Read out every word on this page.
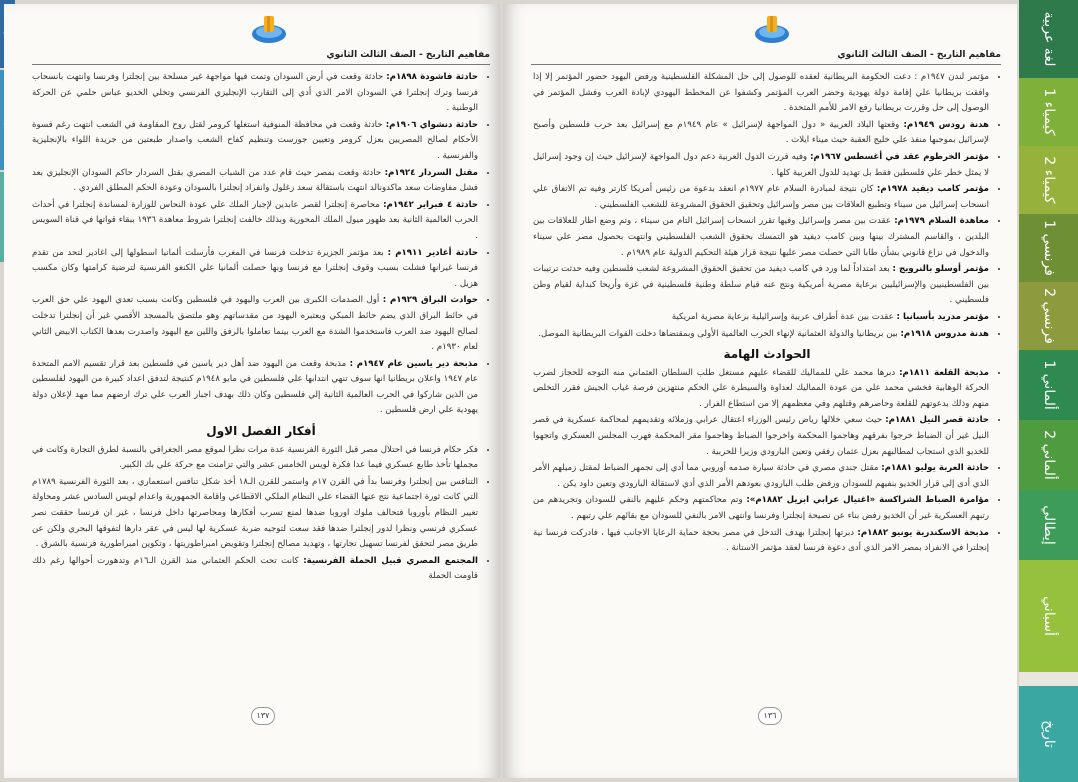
مفاهيم التاريخ - الصف الثالث الثانوي
• حادثة فاشودة ١٨٩٨م: حادثة وقعت في أرض السودان وتمت فيها مواجهة غير مسلحة بين إنجلترا وفرنسا وانتهت بانسحاب فرنسا وترك إنجلترا في السودان الامر الذي أدي إلى التقارب الإنجليزي الفرنسي وتخلي الخديو عباس حلمي عن الحركة الوطنية .
• حادثة دنشواي ١٩٠٦م: حادثة وقعت في محافظة المنوفية استغلها كرومر لقتل روح المقاومة في الشعب انتهت رغم قسوة الأحكام لصالح المصريين بعزل كرومر وتعيين جورست وتنظيم كفاح الشعب واصدار طبعتين من جريدة اللواء بالإنجليزية والفرنسية .
• مقتل السردار ١٩٢٤م: حادثة وقعت بمصر حيث قام عدد من الشباب المصري بقتل السردار حاكم السودان الإنجليزي بعد فشل مفاوضات سعد ماكدونالد انتهت باستقالة سعد زغلول وانفراد إنجلترا بالسودان وعودة الحكم المطلق الفردي .
• حادثة ٤ فبراير ١٩٤٢م: محاصرة إنجلترا لقصر عابدين لإجبار الملك علي عودة النحاس للوزارة لمساندة إنجلترا في أحداث الحرب العالمية الثانية بعد ظهور ميول الملك المحورية وبذلك خالفت إنجلترا شروط معاهدة ١٩٣٦ ببقاء قواتها في قناة السويس .
• حادثة أغادير ١٩١١م : بعد مؤتمر الجزيرة تدخلت فرنسا في المغرب فأرسلت ألمانيا اسطولها إلى اغادير لتحد من تقدم فرنسا غيرانها فشلت بسبب وقوف إنجلترا مع فرنسا وبها حصلت ألمانيا علي الكنغو الفرنسية لترضية كرامتها وكان مكسب هزيل .
• حوادث البراق ١٩٢٩م : أول الصدمات الكبرى بين العرب واليهود في فلسطين وكانت بسبب تعدي اليهود علي حق العرب في حائط البراق الذي يضم حائط المبكي ويعتبره اليهود من مقدساتهم وهو ملتصق بالمسجد الأقصي غير أن إنجلترا تدخلت لصالح اليهود ضد العرب فاستخدموا الشدة مع العرب بينما تعاملوا بالرفق واللين مع اليهود واصدرت بعدها الكتاب الابيض الثاني لعام ١٩٣٠م .
• مذبحة دير ياسين عام ١٩٤٧م : مذبحة وقعت من اليهود ضد أهل دير ياسين في فلسطين بعد قرار تقسيم الامم المتحدة عام ١٩٤٧ واعلان بريطانيا انها سوف تنهي انتدابها علي فلسطين في مايو ١٩٤٨م كنتيجة لتدفق اعداد كبيرة من اليهود لفلسطين من الذين شاركوا في الحرب العالمية الثانية إلي فلسطين وكان ذلك بهدف اجبار العرب علي ترك ارضهم مما مهد لإعلان دولة يهودية علي ارض فلسطين .
أفكار الفصل الاول
• فكر حكام فرنسا في احتلال مصر قبل الثورة الفرنسية عدة مرات نظرا لموقع مصر الجغرافي بالنسبة لطرق التجارة وكانت في مجملها تأخذ طابع عسكري فيما عدا فكرة لويس الخامس عشر والتي تزامنت مع حركة علي بك الكبير.
• التنافس بين إنجلترا وفرنسا بدأ في القرن ١٧م واستمر للقرن الـ١٨ أخذ شكل تنافس استعماري ، بعد الثورة الفرنسية ١٧٨٩م التي كانت ثورة اجتماعية نتج عنها القضاء علي النظام الملكي الاقطاعي واقامة الجمهورية واعدام لويس السادس عشر ومحاولة تغيير النظام بأوروبا فتحالف ملوك اوروبا ضدها لمنع تسرب أفكارها ومحاصرتها داخل فرنسا ، غير ان فرنسا حققت نصر عسكري فرنسي ونظرا لدور إنجلترا ضدها فقد سعت لتوجيه ضربة عسكرية لها ليس في عقر دارها لتفوقها البحري ولكن عن طريق مصر لتحقق لفرنسا تسهيل تجارتها ، وتهديد مصالح إنجلترا وتقويض امبراطوريتها ، وتكوين امبراطورية فرنسية بالشرق .
• المجتمع المصري قبيل الحملة الفرنسية: كانت تحت الحكم العثماني منذ القرن الـ١٦م وتدهورت أحوالها رغم ذلك قاومت الحملة
١٣٧
مفاهيم التاريخ - الصف الثالث الثانوي
• مؤتمر لندن ١٩٤٧م : دعت الحكومة البريطانية لعقده للوصول إلى حل المشكلة الفلسطينية ورفض اليهود حضور المؤتمر إلا إذا وافقت بريطانيا علي إقامة دولة يهودية وحضر العرب المؤتمر وكشفوا عن المخطط اليهودي لإبادة العرب وفشل المؤتمر في الوصول إلى حل وقررت بريطانيا رفع الامر للأمم المتحدة .
• هدنة رودس ١٩٤٩م: وقعتها البلاد العربية « دول المواجهة لإسرائيل » عام ١٩٤٩م مع إسرائيل بعد حرب فلسطين وأصبح لإسرائيل بموجبها منفذ علي خليج العقبة حيث ميناء ايلات .
• مؤتمر الخرطوم عقد في أغسطس ١٩٦٧م: وفيه قررت الدول العربية دعم دول المواجهة لإسرائيل حيث إن وجود إسرائيل لا يمثل خطر علي فلسطين فقط بل تهديد للدول العربية كلها .
• مؤتمر كامب ديفيد ١٩٧٨م: كان نتيجة لمبادرة السلام عام ١٩٧٧م انعقد بدعوة من رئيس أمريكا كارتر وفيه تم الاتفاق علي انسحاب إسرائيل من سيناء وتطبيع العلاقات بين مصر وإسرائيل وتحقيق الحقوق المشروعة للشعب الفلسطيني .
• معاهدة السلام ١٩٧٩م: عقدت بين مصر وإسرائيل وفيها تقرر انسحاب إسرائيل التام من سيناء ، وتم وضع اطار للعلاقات بين البلدين ، والقاسم المشترك بينها وبين كامب ديفيد هو التمسك بحقوق الشعب الفلسطيني وانتهت بحصول مصر علي سيناء والدخول في نزاع قانوني بشأن طابا التي حصلت مصر عليها نتيجة قرار هيئة التحكيم الدولية عام ١٩٨٩م .
• مؤتمر أوسلو بالنرويج : بعد امتداداً لما ورد في كامب ديفيد من تحقيق الحقوق المشروعة لشعب فلسطين وفيه حدثت ترتيبات بين الفلسطينيين والإسرائيليين برعاية مصرية أمريكية ونتج عنه قيام سلطة وطنية فلسطينية في غزة وأريحا كبداية لقيام وطن فلسطيني .
• مؤتمر مدريد بأسبانيا : عقدت بين عدة أطراف عربية وإسرائيلية برعاية مصرية امريكية
• هدنة مدروس ١٩١٨م: بين بريطانيا والدولة العثمانية لإنهاء الحرب العالمية الأولى وبمقتضاها دخلت القوات البريطانية الموصل.
الحوادث الهامة
• مذبحة القلعة ١٨١١م: دبرها محمد علي للمماليك للقضاء عليهم مستغل طلب السلطان العثماني منه التوجه للحجاز لضرب الحركة الوهابية فخشي محمد علي من عودة المماليك لعداوة والسيطرة علي الحكم منتهزين فرصة غياب الجيش فقرر التخلص منهم وذلك بدعوتهم للقلعة وحاصرهم وقتلهم وفي معظمهم إلا من استطاع الفرار .
• حادثة قصر النيل ١٨٨١م: حيث سعي خلالها رياض رئيس الوزراء اعتقال عرابي وزملائه وتقديمهم لمحاكمة عسكرية في قصر النيل غير أن الضباط خرجوا بفرقهم وهاجموا المحكمة واخرجوا الضباط وهاجموا مقر المحكمة فهرب المجلس العسكري واتجهوا للخديو الذي استجاب لمطالبهم بعزل عثمان رفقي وتعين البارودي وزيرا للحربية .
• حادثة العربة يوليو ١٨٨١م: مقتل جندي مصري في حادثة سيارة صدمه أوروبي مما أدي إلى تجمهر الضباط لمقتل زميلهم الأمر الذي أدى إلى قرار الخديو بنفيهم للسودان ورفض طلب البارودي بعودهم الأمر الذي أدي لاستقالة البارودي وتعين داود يكن .
• مؤامرة الضباط الشراكسة «اغتيال عرابي ابريل ١٨٨٢م»: وتم محاكمتهم وحكم عليهم بالنفي للسودان وتجريدهم من رتبهم العسكرية غير أن الخديو رفض بناء عن نصيحة إنجلترا وفرنسا وانتهى الامر بالنفي للسودان مع بقائهم علي رتبهم .
• مذبحة الاسكندرية يونيو ١٨٨٢م: دبرتها إنجلترا بهدف التدخل في مصر بحجة حماية الرعايا الاجانب فيها ، فادركت فرنسا نية إنجلترا في الانفراد بمصر الامر الذي أدى دعوة فرنسا لعقد مؤتمر الاستانة .
١٣٦
لغة عربية
كيمياء 1
كيمياء 2
فرنسي 1
فرنسي 2
ألماني 1
ألماني 2
إيطالي
أسباني
تاريخ
